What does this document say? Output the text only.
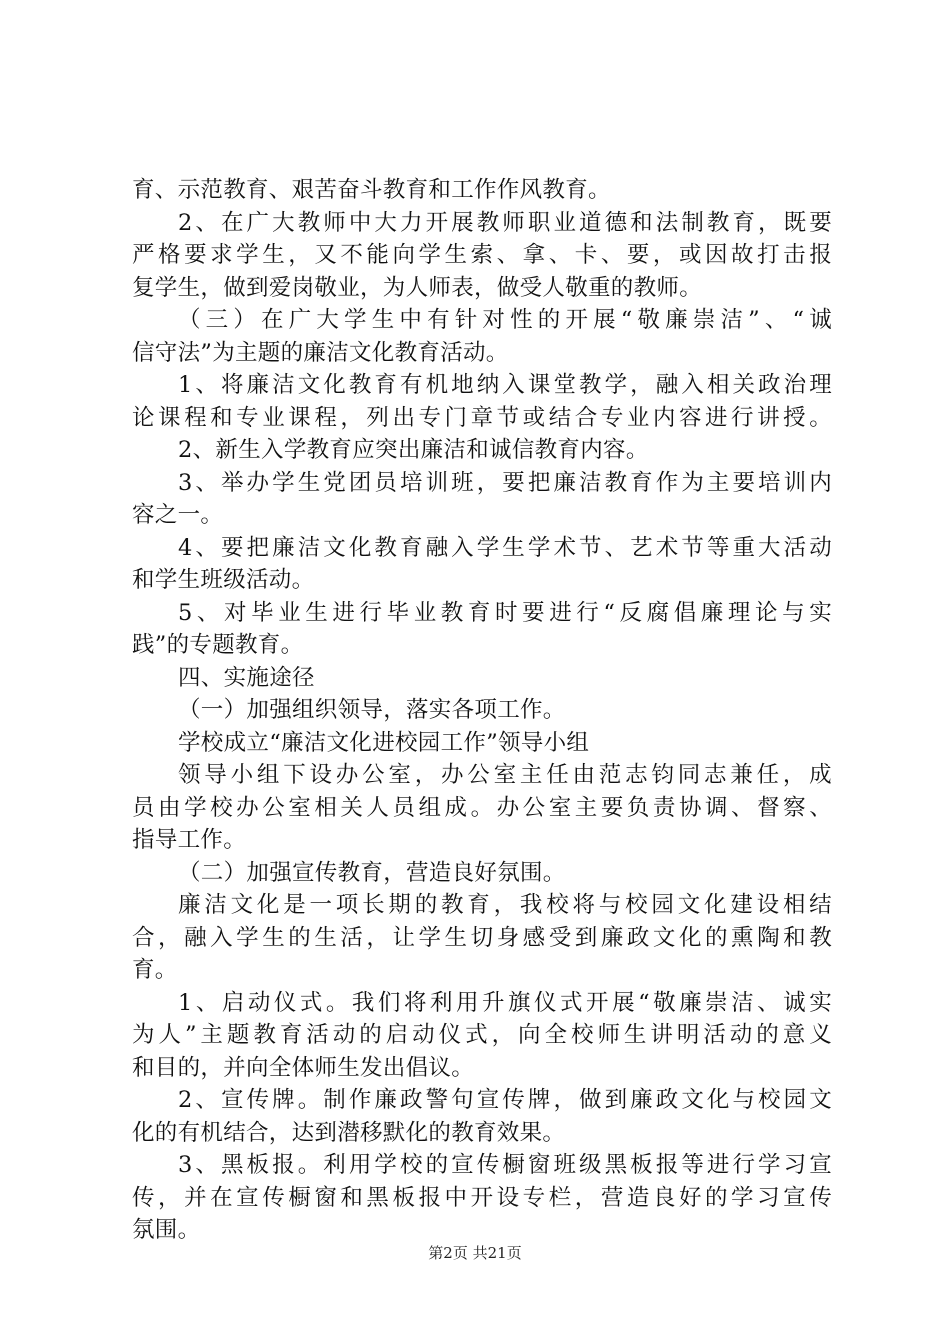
育、示范教育、艰苦奋斗教育和工作作风教育。
2、在广大教师中大力开展教师职业道德和法制教育，既要
严格要求学生，又不能向学生索、拿、卡、要，或因故打击报
复学生，做到爱岗敬业，为人师表，做受人敬重的教师。
（三）在广大学生中有针对性的开展“敬廉崇洁”、“诚
信守法”为主题的廉洁文化教育活动。
1、将廉洁文化教育有机地纳入课堂教学，融入相关政治理
论课程和专业课程，列出专门章节或结合专业内容进行讲授。
2、新生入学教育应突出廉洁和诚信教育内容。
3、举办学生党团员培训班，要把廉洁教育作为主要培训内
容之一。
4、要把廉洁文化教育融入学生学术节、艺术节等重大活动
和学生班级活动。
5、对毕业生进行毕业教育时要进行“反腐倡廉理论与实
践”的专题教育。
四、实施途径
（一）加强组织领导，落实各项工作。
学校成立“廉洁文化进校园工作”领导小组
领导小组下设办公室，办公室主任由范志钧同志兼任，成
员由学校办公室相关人员组成。办公室主要负责协调、督察、
指导工作。
（二）加强宣传教育，营造良好氛围。
廉洁文化是一项长期的教育，我校将与校园文化建设相结
合，融入学生的生活，让学生切身感受到廉政文化的熏陶和教
育。
1、启动仪式。我们将利用升旗仪式开展“敬廉崇洁、诚实
为人”主题教育活动的启动仪式，向全校师生讲明活动的意义
和目的，并向全体师生发出倡议。
2、宣传牌。制作廉政警句宣传牌，做到廉政文化与校园文
化的有机结合，达到潜移默化的教育效果。
3、黑板报。利用学校的宣传橱窗班级黑板报等进行学习宣
传，并在宣传橱窗和黑板报中开设专栏，营造良好的学习宣传
氛围。
第2页 共21页
